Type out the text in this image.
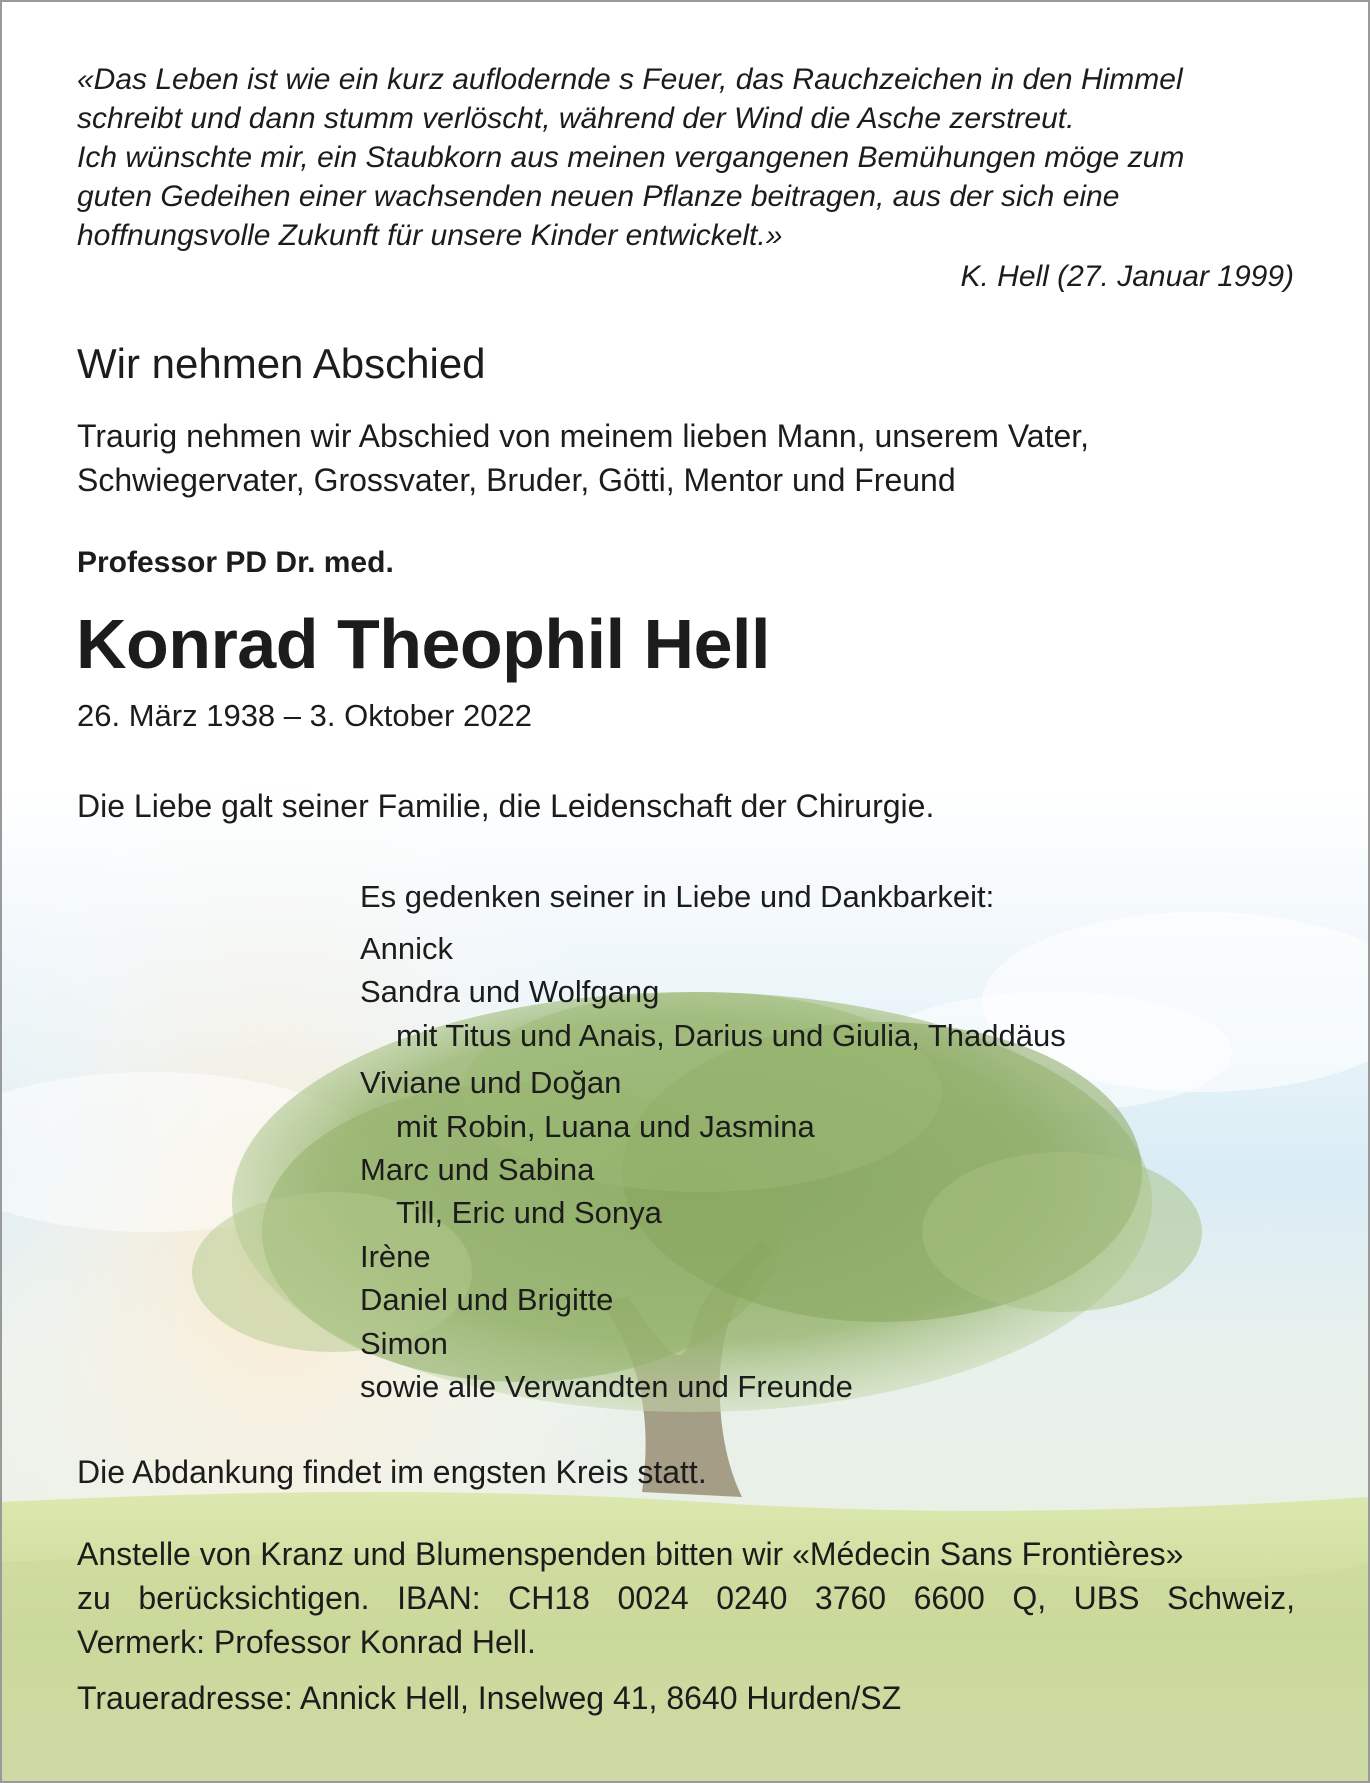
«Das Leben ist wie ein kurz auflodernde s Feuer, das Rauchzeichen in den Himmel
schreibt und dann stumm verlöscht, während der Wind die Asche zerstreut.
Ich wünschte mir, ein Staubkorn aus meinen vergangenen Bemühungen möge zum
guten Gedeihen einer wachsenden neuen Pflanze beitragen, aus der sich eine
hoffnungsvolle Zukunft für unsere Kinder entwickelt.»
K. Hell (27. Januar 1999)
Wir nehmen Abschied
Traurig nehmen wir Abschied von meinem lieben Mann, unserem Vater,
Schwiegervater, Grossvater, Bruder, Götti, Mentor und Freund
Professor PD Dr. med.
Konrad Theophil Hell
26. März 1938 – 3. Oktober 2022
Die Liebe galt seiner Familie, die Leidenschaft der Chirurgie.
Es gedenken seiner in Liebe und Dankbarkeit:
Annick
Sandra und Wolfgang
mit Titus und Anais, Darius und Giulia, Thaddäus
Viviane und Doğan
mit Robin, Luana und Jasmina
Marc und Sabina
Till, Eric und Sonya
Irène
Daniel und Brigitte
Simon
sowie alle Verwandten und Freunde
Die Abdankung findet im engsten Kreis statt.
Anstelle von Kranz und Blumenspenden bitten wir «Médecin Sans Frontières»
zu berücksichtigen. IBAN: CH18 0024 0240 3760 6600 Q, UBS Schweiz,
Vermerk: Professor Konrad Hell.
Traueradresse: Annick Hell, Inselweg 41, 8640 Hurden/SZ
